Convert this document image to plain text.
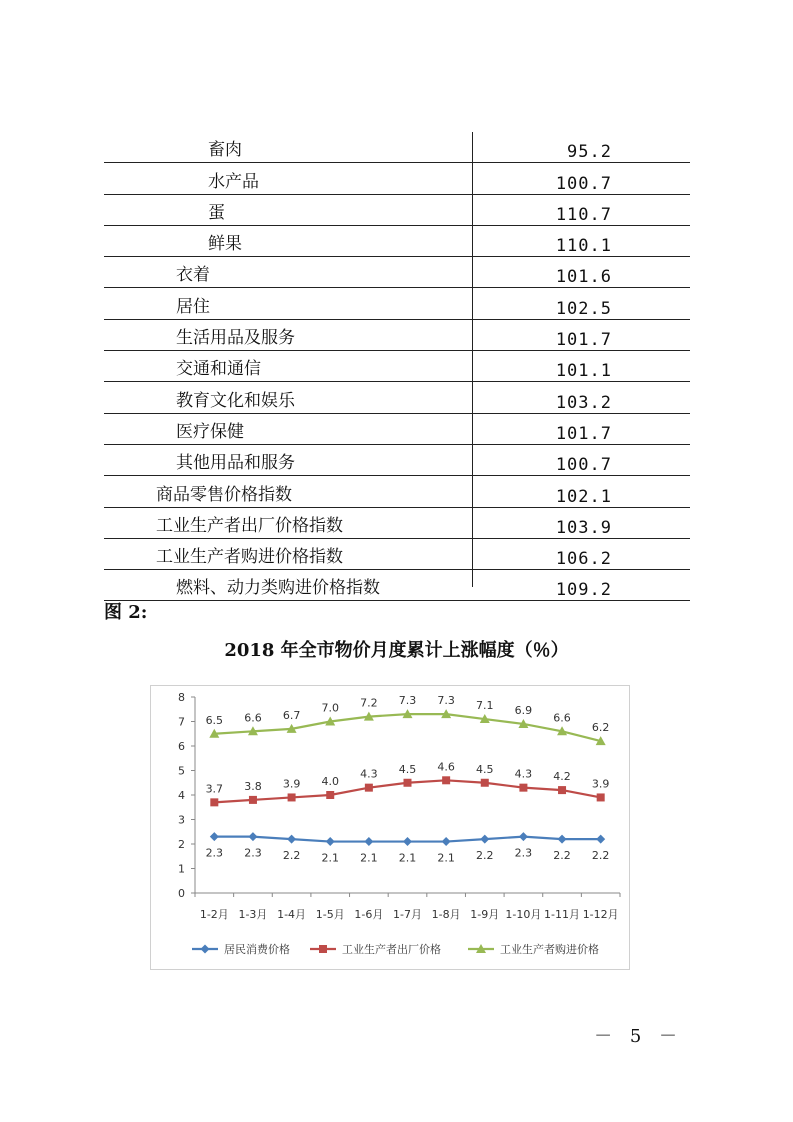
畜肉	95.2
水产品	100.7
蛋	110.7
鲜果	110.1
衣着	101.6
居住	102.5
生活用品及服务	101.7
交通和通信	101.1
教育文化和娱乐	103.2
医疗保健	101.7
其他用品和服务	100.7
商品零售价格指数	102.1
工业生产者出厂价格指数	103.9
工业生产者购进价格指数	106.2
燃料、动力类购进价格指数	109.2
图 2:
2018 年全市物价月度累计上涨幅度（％）
0
1
2
3
4
5
6
7
8
1-2月 1-3月 1-4月 1-5月 1-6月 1-7月 1-8月 1-9月 1-10月 1-11月 1-12月
2.3 2.3 2.2 2.1 2.1 2.1 2.1 2.2 2.3 2.2 2.2
3.7 3.8 3.9 4.0
4.3 4.5 4.6 4.5 4.3 4.2
3.9
6.5 6.6 6.7
7.0 7.2 7.3 7.3 7.1 6.9
6.6
6.2
居民消费价格	工业生产者出厂价格	工业生产者购进价格
－ 5 －
